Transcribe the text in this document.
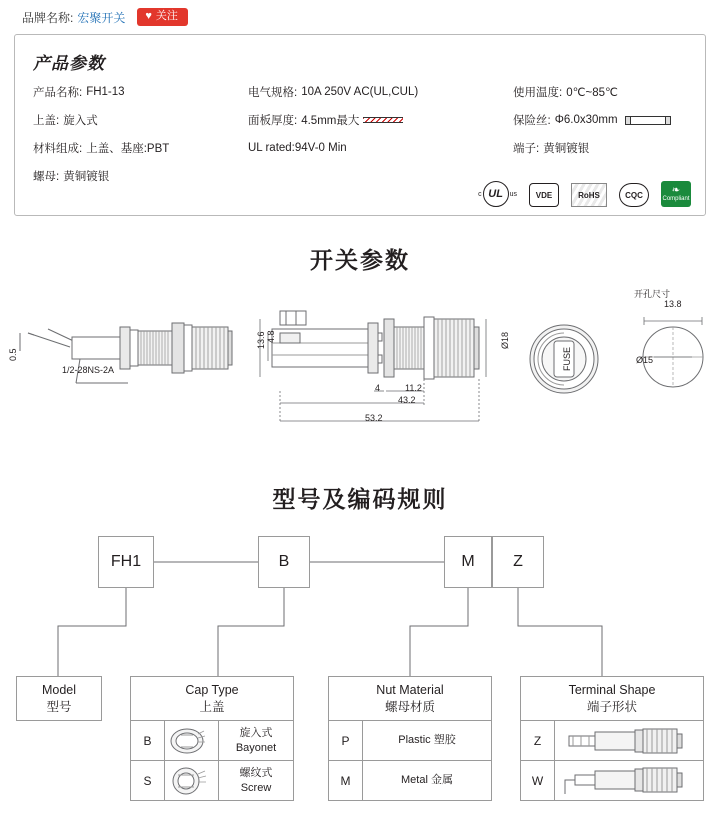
品牌名称: 宏聚开关 ♥ 关注
产品参数
产品名称: FH1-13	电气规格: 10A 250V AC(UL,CUL)	使用温度: 0℃~85℃
上盖: 旋入式	面板厚度: 4.5mm最大	保险丝: Φ6.0x30mm
材料组成: 上盖、基座:PBT	UL rated:94V-0 Min	端子: 黄铜镀银
螺母: 黄铜镀银
c UL us	VDE	RoHS	CQC	❧
Compliant
开关参数
0.5
1/2-28NS-2A
13.6 4.8	Ø18
4	11.2
43.2
53.2
FUSE
开孔尺寸
13.8
Ø15
型号及编码规则
FH1	B	M	Z
Model
型号
Cap Type
上盖		

B		旋入式
Bayonet

S		螺纹式
Screw
Nut Material
螺母材质	

P	Plastic 塑胶
M	Metal 金属
Terminal Shape
端子形状	

Z	

W	
